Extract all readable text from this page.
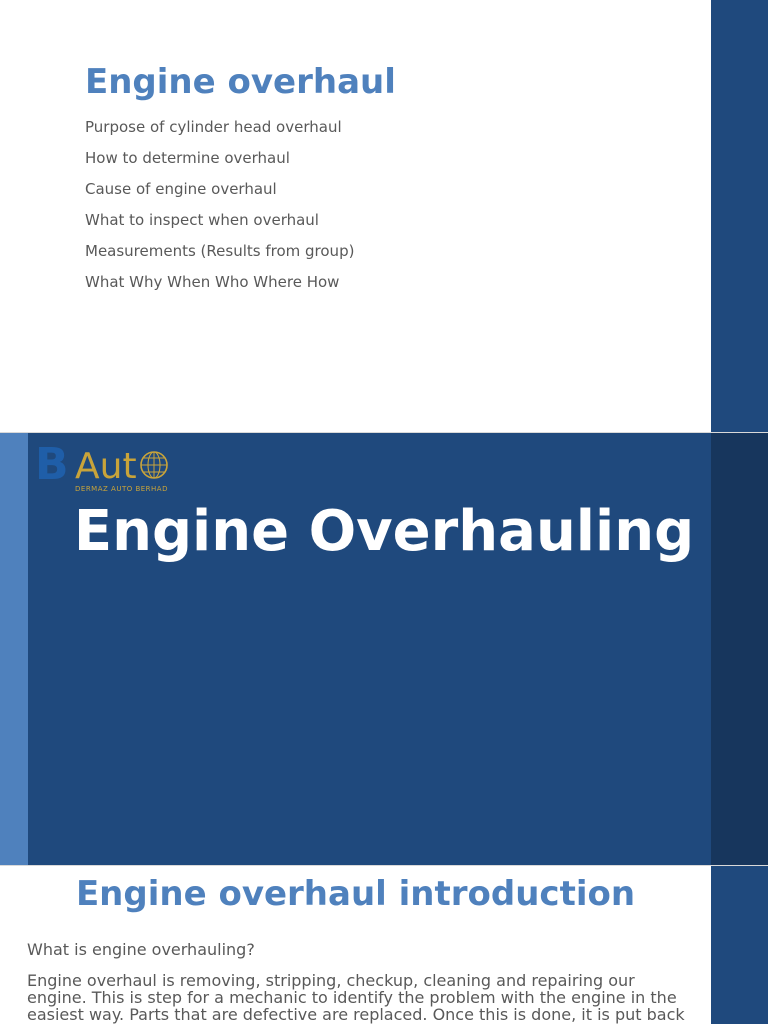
Engine overhaul
Purpose of cylinder head overhaul
How to determine overhaul
Cause of engine overhaul
What to inspect when overhaul
Measurements (Results from group)
What Why When Who Where How
B Aut
DERMAZ AUTO BERHAD
Engine Overhauling
Engine overhaul introduction
What is engine overhauling?

Engine overhaul is removing, stripping, checkup, cleaning and repairing our engine. This is step for a mechanic to identify the problem with the engine in the easiest way. Parts that are defective are replaced. Once this is done, it is put back
